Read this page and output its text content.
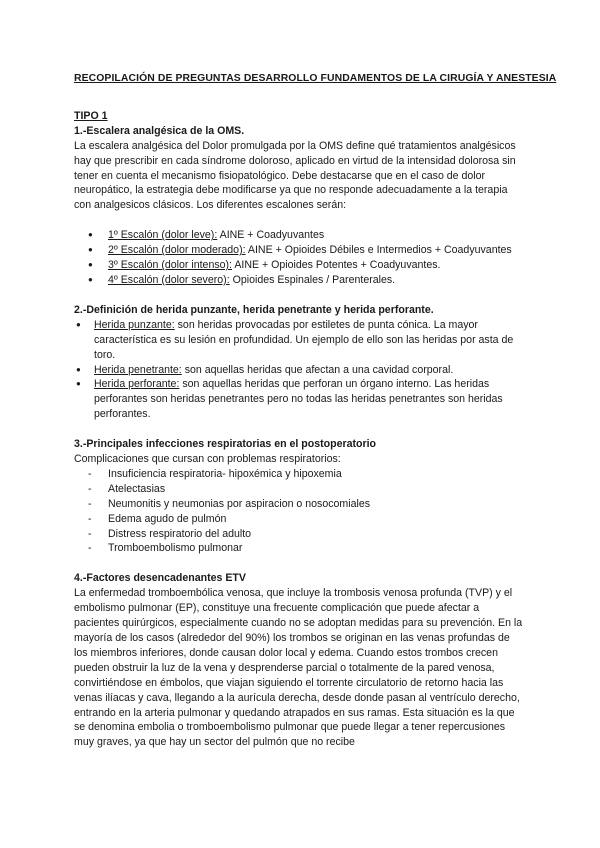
RECOPILACIÓN DE PREGUNTAS DESARROLLO FUNDAMENTOS DE LA CIRUGÍA Y ANESTESIA
TIPO 1
1.-Escalera analgésica de la OMS.

La escalera analgésica del Dolor promulgada por la OMS define qué tratamientos analgésicos hay que prescribir en cada síndrome doloroso, aplicado en virtud de la intensidad dolorosa sin tener en cuenta el mecanismo fisiopatológico. Debe destacarse que en el caso de dolor neuropático, la estrategia debe modificarse ya que no responde adecuadamente a la terapia con analgesicos clásicos. Los diferentes escalones serán:

● 1º Escalón (dolor leve): AINE + Coadyuvantes
● 2º Escalón (dolor moderado): AINE + Opioides Débiles e Intermedios + Coadyuvantes
● 3º Escalón (dolor intenso): AINE + Opioides Potentes + Coadyuvantes.
● 4º Escalón (dolor severo): Opioides Espinales / Parenterales.
2.-Definición de herida punzante, herida penetrante y herida perforante.
● Herida punzante: son heridas provocadas por estiletes de punta cónica. La mayor característica es su lesión en profundidad. Un ejemplo de ello son las heridas por asta de toro.
● Herida penetrante: son aquellas heridas que afectan a una cavidad corporal.
● Herida perforante: son aquellas heridas que perforan un órgano interno. Las heridas perforantes son heridas penetrantes pero no todas las heridas penetrantes son heridas perforantes.
3.-Principales infecciones respiratorias en el postoperatorio

Complicaciones que cursan con problemas respiratorios:

- Insuficiencia respiratoria- hipoxémica y hipoxemia
- Atelectasias
- Neumonitis y neumonias por aspiracion o nosocomiales
- Edema agudo de pulmón
- Distress respiratorio del adulto
- Tromboembolismo pulmonar
4.-Factores desencadenantes ETV

La enfermedad tromboembólica venosa, que incluye la trombosis venosa profunda (TVP) y el embolismo pulmonar (EP), constituye una frecuente complicación que puede afectar a pacientes quirúrgicos, especialmente cuando no se adoptan medidas para su prevención. En la mayoría de los casos (alrededor del 90%) los trombos se originan en las venas profundas de los miembros inferiores, donde causan dolor local y edema. Cuando estos trombos crecen pueden obstruir la luz de la vena y desprenderse parcial o totalmente de la pared venosa, convirtiéndose en émbolos, que viajan siguiendo el torrente circulatorio de retorno hacia las venas ilíacas y cava, llegando a la aurícula derecha, desde donde pasan al ventrículo derecho, entrando en la arteria pulmonar y quedando atrapados en sus ramas. Esta situación es la que se denomina embolia o tromboembolismo pulmonar que puede llegar a tener repercusiones muy graves, ya que hay un sector del pulmón que no recibe
